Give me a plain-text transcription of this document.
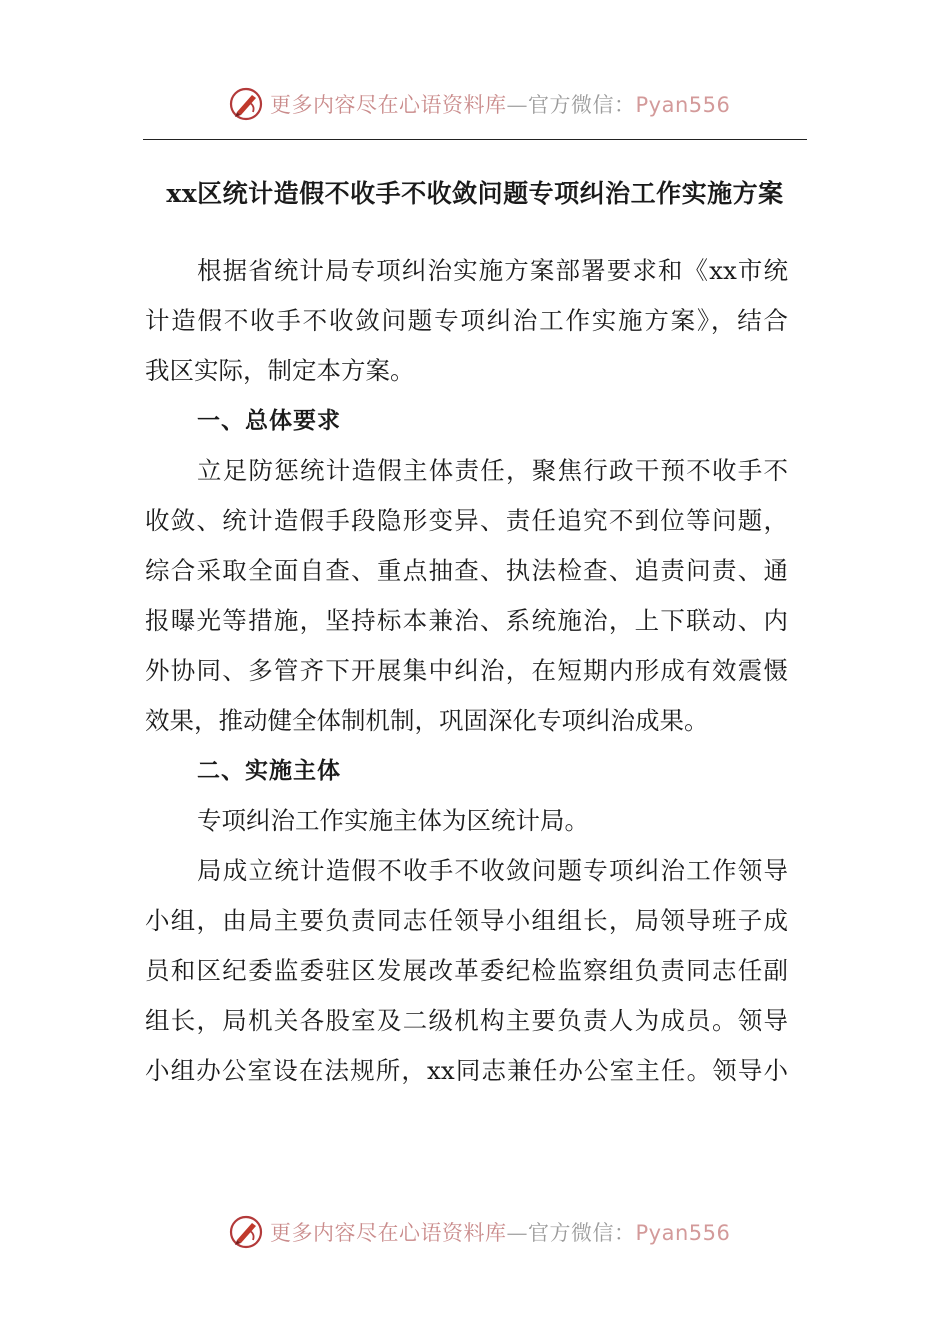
更多内容尽在心语资料库—官方微信：Pyan556
xx区统计造假不收手不收敛问题专项纠治工作实施方案
根据省统计局专项纠治实施方案部署要求和《xx市统
计造假不收手不收敛问题专项纠治工作实施方案》，结合
我区实际，制定本方案。
一、总体要求
立足防惩统计造假主体责任，聚焦行政干预不收手不
收敛、统计造假手段隐形变异、责任追究不到位等问题，
综合采取全面自查、重点抽查、执法检查、追责问责、通
报曝光等措施，坚持标本兼治、系统施治，上下联动、内
外协同、多管齐下开展集中纠治，在短期内形成有效震慑
效果，推动健全体制机制，巩固深化专项纠治成果。
二、实施主体
专项纠治工作实施主体为区统计局。
局成立统计造假不收手不收敛问题专项纠治工作领导
小组，由局主要负责同志任领导小组组长，局领导班子成
员和区纪委监委驻区发展改革委纪检监察组负责同志任副
组长，局机关各股室及二级机构主要负责人为成员。领导
小组办公室设在法规所，xx同志兼任办公室主任。领导小
更多内容尽在心语资料库—官方微信：Pyan556
